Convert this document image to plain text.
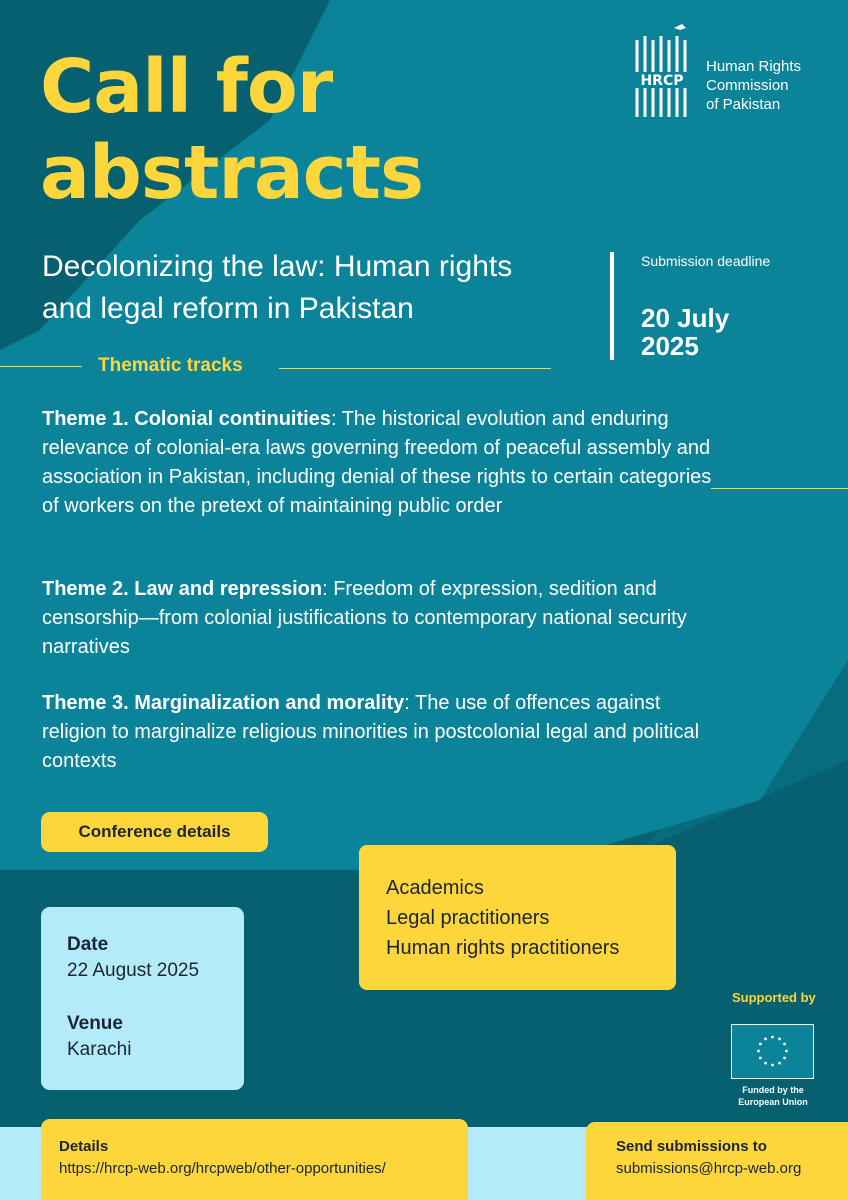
Call for
abstracts
HRCP
Human Rights
Commission
of Pakistan
Decolonizing the law: Human rights
and legal reform in Pakistan
Submission deadline
20 July
2025
Thematic tracks
Theme 1. Colonial continuities: The historical evolution and enduring relevance of colonial-era laws governing freedom of peaceful assembly and association in Pakistan, including denial of these rights to certain categories of workers on the pretext of maintaining public order
Theme 2. Law and repression: Freedom of expression, sedition and censorship—from colonial justifications to contemporary national security narratives
Theme 3. Marginalization and morality: The use of offences against religion to marginalize religious minorities in postcolonial legal and political contexts
Conference details
Academics
Legal practitioners
Human rights practitioners
Date
22 August 2025
Venue
Karachi
Supported by
Funded by the
European Union
Details
https://hrcp-web.org/hrcpweb/other-opportunities/
Send submissions to
submissions@hrcp-web.org
